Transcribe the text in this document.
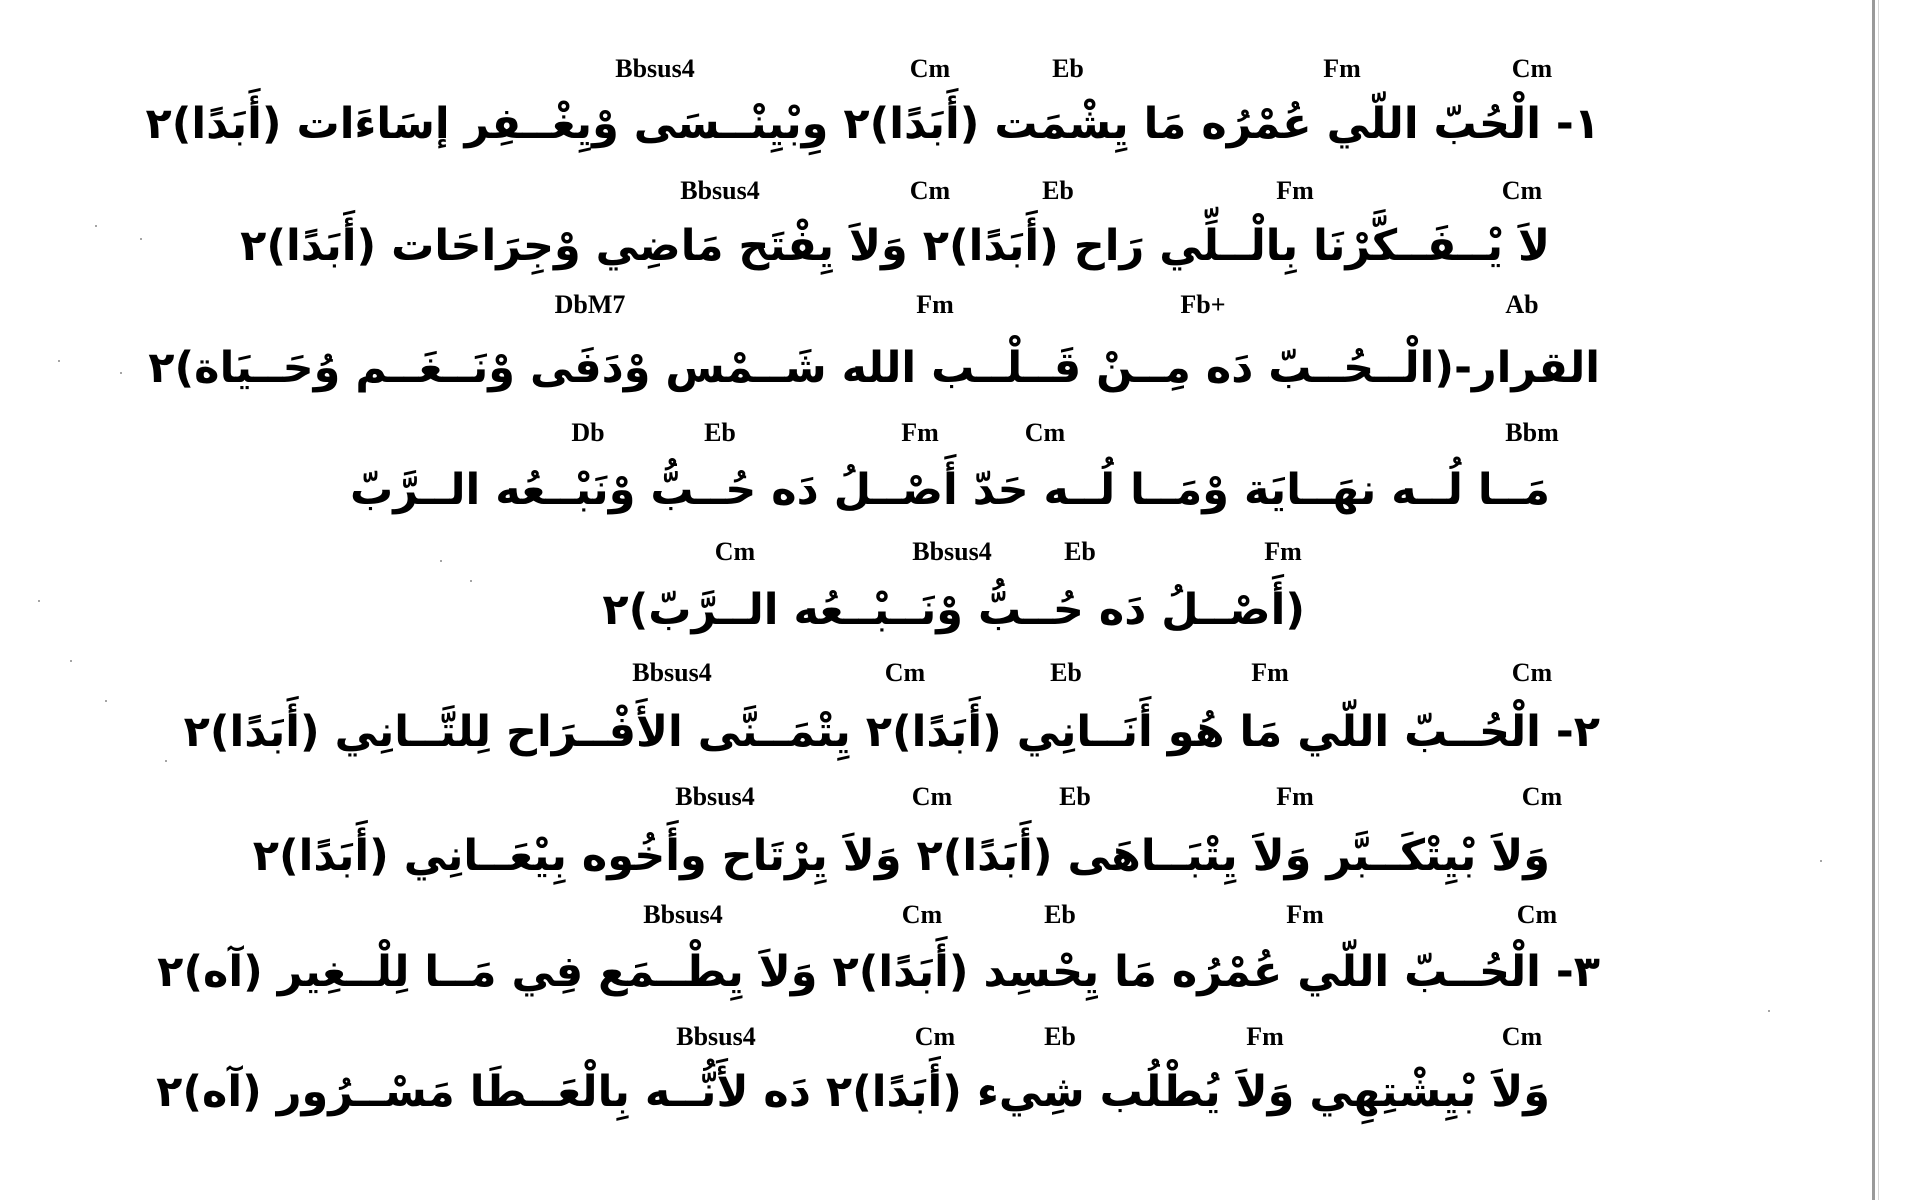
Bbsus4	Cm	Eb	Fm	Cm
١- الْحُبّ اللّي عُمْرُه مَا يِشْمَت (أَبَدًا)٢ وِبْيِنْــسَى وْيِغْــفِر إسَاءَات (أَبَدًا)٢
Bbsus4	Cm	Eb	Fm	Cm
لاَ يْــفَــكَّرْنَا بِالْــلِّي رَاح (أَبَدًا)٢ وَلاَ يِفْتَح مَاضِي وْجِرَاحَات (أَبَدًا)٢
DbM7	Fm	Fb+	Ab
القرار-(الْــحُــبّ دَه مِــنْ قَــلْــب الله شَــمْس وْدَفَى وْنَــغَــم وُحَــيَاة)٢
Db	Eb	Fm	Cm	Bbm
مَــا لُــه نهَــايَة وْمَــا لُــه حَدّ أَصْــلُ دَه حُــبُّ وْنَبْــعُه الــرَّبّ
Cm	Bbsus4	Eb	Fm
(أَصْــلُ دَه حُــبُّ وْنَــبْــعُه الــرَّبّ)٢
Bbsus4	Cm	Eb	Fm	Cm
٢- الْحُــبّ اللّي مَا هُو أَنَــانِي (أَبَدًا)٢ يِتْمَــنَّى الأَفْــرَاح لِلتَّــانِي (أَبَدًا)٢
Bbsus4	Cm	Eb	Fm	Cm
وَلاَ بْيِتْكَــبَّر وَلاَ يِتْبَــاهَى (أَبَدًا)٢ وَلاَ يِرْتَاح وأَخُوه بِيْعَــانِي (أَبَدًا)٢
Bbsus4	Cm	Eb	Fm	Cm
٣- الْحُــبّ اللّي عُمْرُه مَا يِحْسِد (أَبَدًا)٢ وَلاَ يِطْــمَع فِي مَــا لِلْــغِير (آه)٢
Bbsus4	Cm	Eb	Fm	Cm
وَلاَ بْيِشْتِهِي وَلاَ يُطْلُب شِيء (أَبَدًا)٢ دَه لأَنُّــه بِالْعَــطَا مَسْــرُور (آه)٢
